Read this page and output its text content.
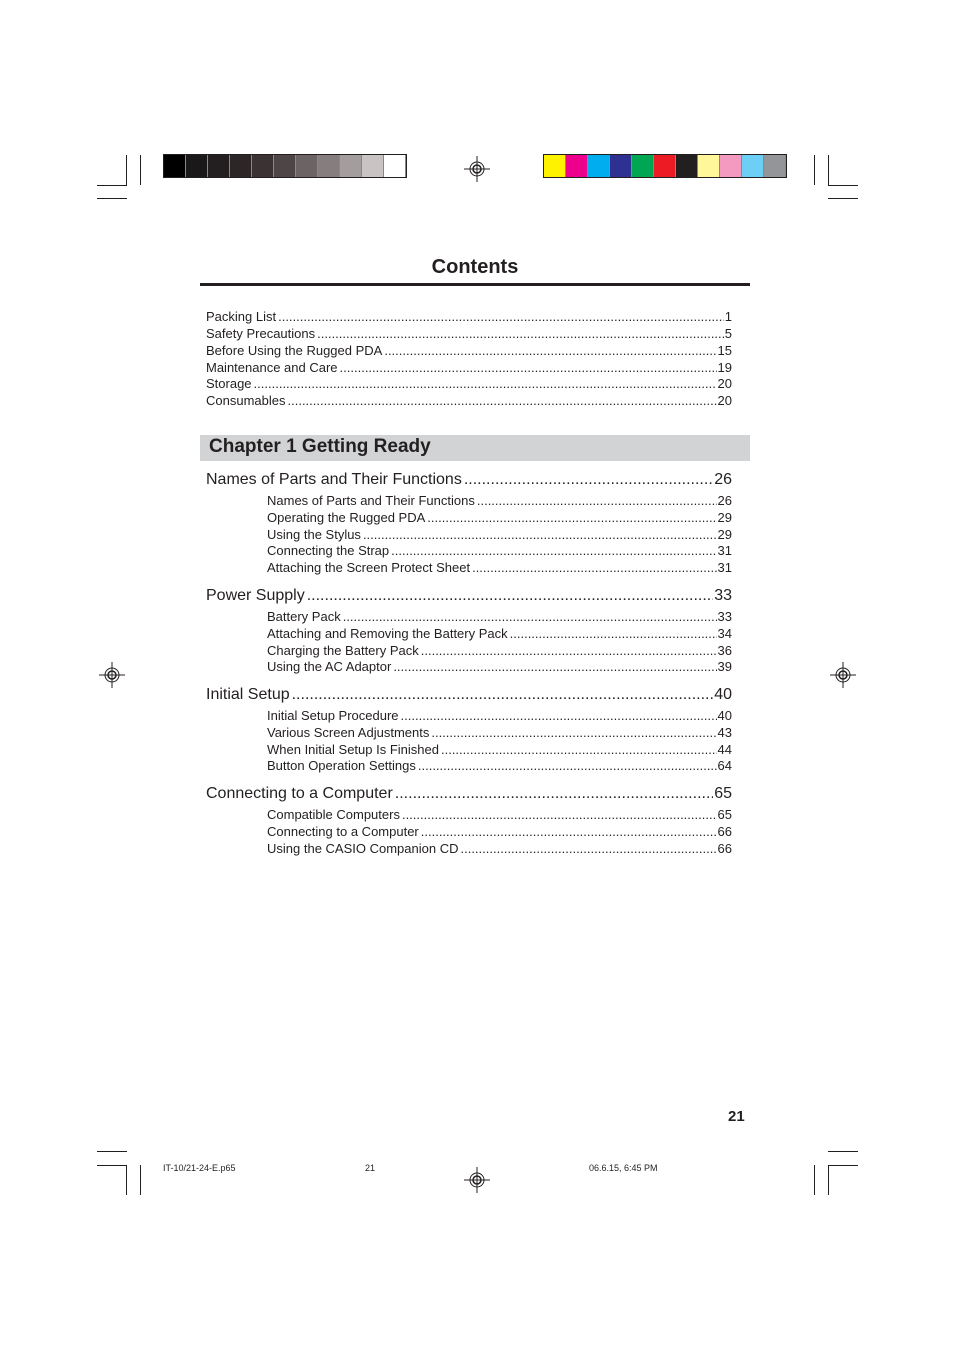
Contents
Packing List .....	1
Safety Precautions .....	5
Before Using the Rugged PDA .....	15
Maintenance and Care .....	19
Storage .....	20
Consumables .....	20
Chapter 1 Getting Ready
Names of Parts and Their Functions .....	26
Names of Parts and Their Functions .....	26
Operating the Rugged PDA .....	29
Using the Stylus .....	29
Connecting the Strap .....	31
Attaching the Screen Protect Sheet .....	31
Power Supply .....	33
Battery Pack .....	33
Attaching and Removing the Battery Pack .....	34
Charging the Battery Pack .....	36
Using the AC Adaptor .....	39
Initial Setup .....	40
Initial Setup Procedure .....	40
Various Screen Adjustments .....	43
When Initial Setup Is Finished .....	44
Button Operation Settings .....	64
Connecting to a Computer .....	65
Compatible Computers .....	65
Connecting to a Computer .....	66
Using the CASIO Companion CD .....	66
21
IT-10/21-24-E.p65	21	06.6.15, 6:45 PM
